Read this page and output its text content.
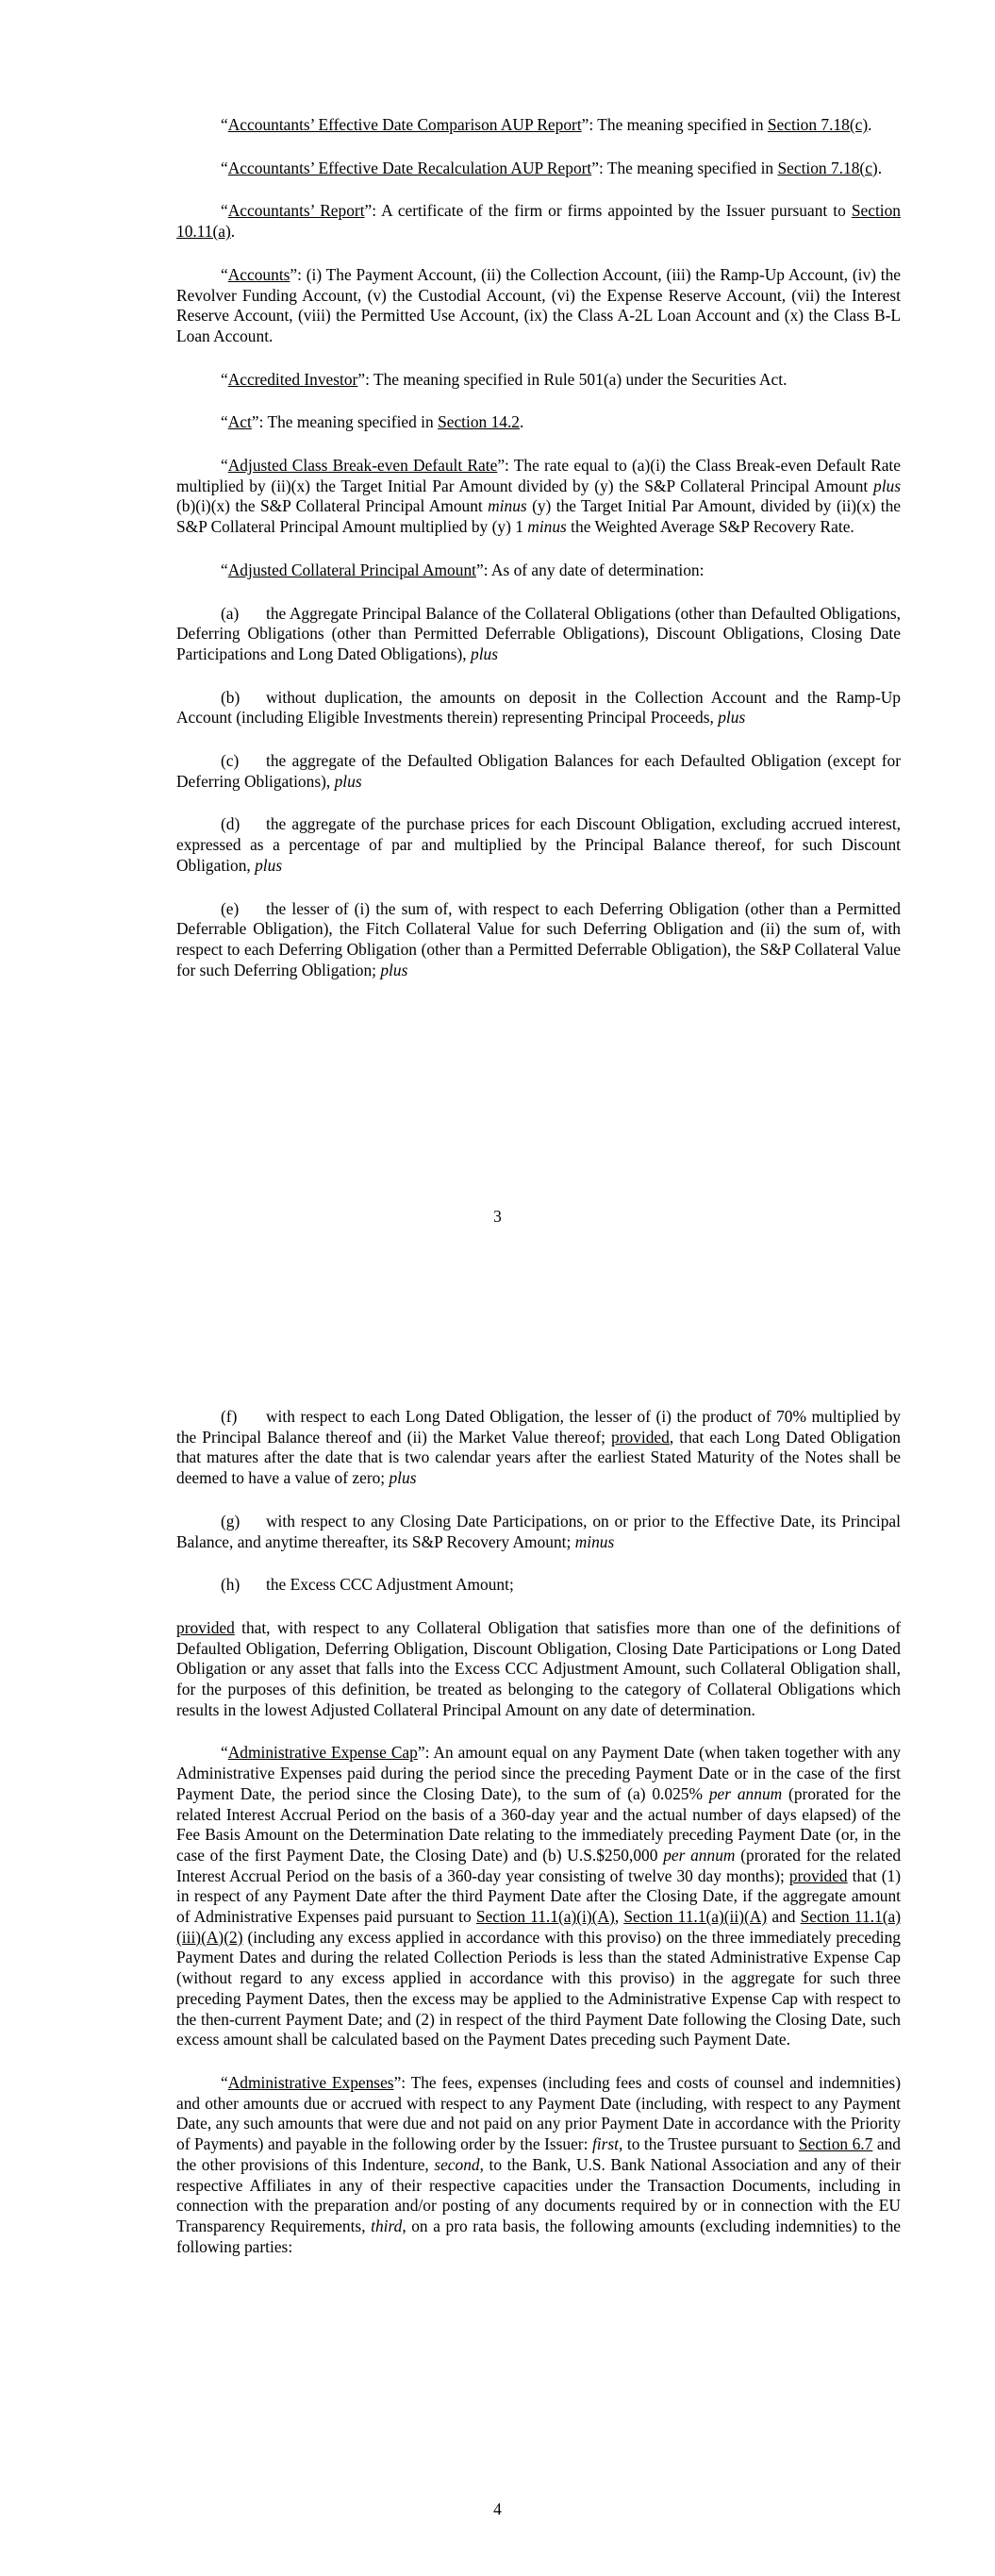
“Accountants’ Effective Date Comparison AUP Report”: The meaning specified in Section 7.18(c).

“Accountants’ Effective Date Recalculation AUP Report”: The meaning specified in Section 7.18(c).

“Accountants’ Report”: A certificate of the firm or firms appointed by the Issuer pursuant to Section 10.11(a).

“Accounts”: (i) The Payment Account, (ii) the Collection Account, (iii) the Ramp-Up Account, (iv) the Revolver Funding Account, (v) the Custodial Account, (vi) the Expense Reserve Account, (vii) the Interest Reserve Account, (viii) the Permitted Use Account, (ix) the Class A-2L Loan Account and (x) the Class B-L Loan Account.

“Accredited Investor”: The meaning specified in Rule 501(a) under the Securities Act.

“Act”: The meaning specified in Section 14.2.

“Adjusted Class Break-even Default Rate”: The rate equal to (a)(i) the Class Break-even Default Rate multiplied by (ii)(x) the Target Initial Par Amount divided by (y) the S&P Collateral Principal Amount plus (b)(i)(x) the S&P Collateral Principal Amount minus (y) the Target Initial Par Amount, divided by (ii)(x) the S&P Collateral Principal Amount multiplied by (y) 1 minus the Weighted Average S&P Recovery Rate.

“Adjusted Collateral Principal Amount”: As of any date of determination:

(a) the Aggregate Principal Balance of the Collateral Obligations (other than Defaulted Obligations, Deferring Obligations (other than Permitted Deferrable Obligations), Discount Obligations, Closing Date Participations and Long Dated Obligations), plus

(b) without duplication, the amounts on deposit in the Collection Account and the Ramp-Up Account (including Eligible Investments therein) representing Principal Proceeds, plus

(c) the aggregate of the Defaulted Obligation Balances for each Defaulted Obligation (except for Deferring Obligations), plus

(d) the aggregate of the purchase prices for each Discount Obligation, excluding accrued interest, expressed as a percentage of par and multiplied by the Principal Balance thereof, for such Discount Obligation, plus

(e) the lesser of (i) the sum of, with respect to each Deferring Obligation (other than a Permitted Deferrable Obligation), the Fitch Collateral Value for such Deferring Obligation and (ii) the sum of, with respect to each Deferring Obligation (other than a Permitted Deferrable Obligation), the S&P Collateral Value for such Deferring Obligation; plus

3

(f) with respect to each Long Dated Obligation, the lesser of (i) the product of 70% multiplied by the Principal Balance thereof and (ii) the Market Value thereof; provided, that each Long Dated Obligation that matures after the date that is two calendar years after the earliest Stated Maturity of the Notes shall be deemed to have a value of zero; plus

(g) with respect to any Closing Date Participations, on or prior to the Effective Date, its Principal Balance, and anytime thereafter, its S&P Recovery Amount; minus

(h) the Excess CCC Adjustment Amount;

provided that, with respect to any Collateral Obligation that satisfies more than one of the definitions of Defaulted Obligation, Deferring Obligation, Discount Obligation, Closing Date Participations or Long Dated Obligation or any asset that falls into the Excess CCC Adjustment Amount, such Collateral Obligation shall, for the purposes of this definition, be treated as belonging to the category of Collateral Obligations which results in the lowest Adjusted Collateral Principal Amount on any date of determination.

“Administrative Expense Cap”: An amount equal on any Payment Date (when taken together with any Administrative Expenses paid during the period since the preceding Payment Date or in the case of the first Payment Date, the period since the Closing Date), to the sum of (a) 0.025% per annum (prorated for the related Interest Accrual Period on the basis of a 360-day year and the actual number of days elapsed) of the Fee Basis Amount on the Determination Date relating to the immediately preceding Payment Date (or, in the case of the first Payment Date, the Closing Date) and (b) U.S.$250,000 per annum (prorated for the related Interest Accrual Period on the basis of a 360-day year consisting of twelve 30 day months); provided that (1) in respect of any Payment Date after the third Payment Date after the Closing Date, if the aggregate amount of Administrative Expenses paid pursuant to Section 11.1(a)(i)(A), Section 11.1(a)(ii)(A) and Section 11.1(a)(iii)(A)(2) (including any excess applied in accordance with this proviso) on the three immediately preceding Payment Dates and during the related Collection Periods is less than the stated Administrative Expense Cap (without regard to any excess applied in accordance with this proviso) in the aggregate for such three preceding Payment Dates, then the excess may be applied to the Administrative Expense Cap with respect to the then-current Payment Date; and (2) in respect of the third Payment Date following the Closing Date, such excess amount shall be calculated based on the Payment Dates preceding such Payment Date.

“Administrative Expenses”: The fees, expenses (including fees and costs of counsel and indemnities) and other amounts due or accrued with respect to any Payment Date (including, with respect to any Payment Date, any such amounts that were due and not paid on any prior Payment Date in accordance with the Priority of Payments) and payable in the following order by the Issuer: first, to the Trustee pursuant to Section 6.7 and the other provisions of this Indenture, second, to the Bank, U.S. Bank National Association and any of their respective Affiliates in any of their respective capacities under the Transaction Documents, including in connection with the preparation and/or posting of any documents required by or in connection with the EU Transparency Requirements, third, on a pro rata basis, the following amounts (excluding indemnities) to the following parties:

4
